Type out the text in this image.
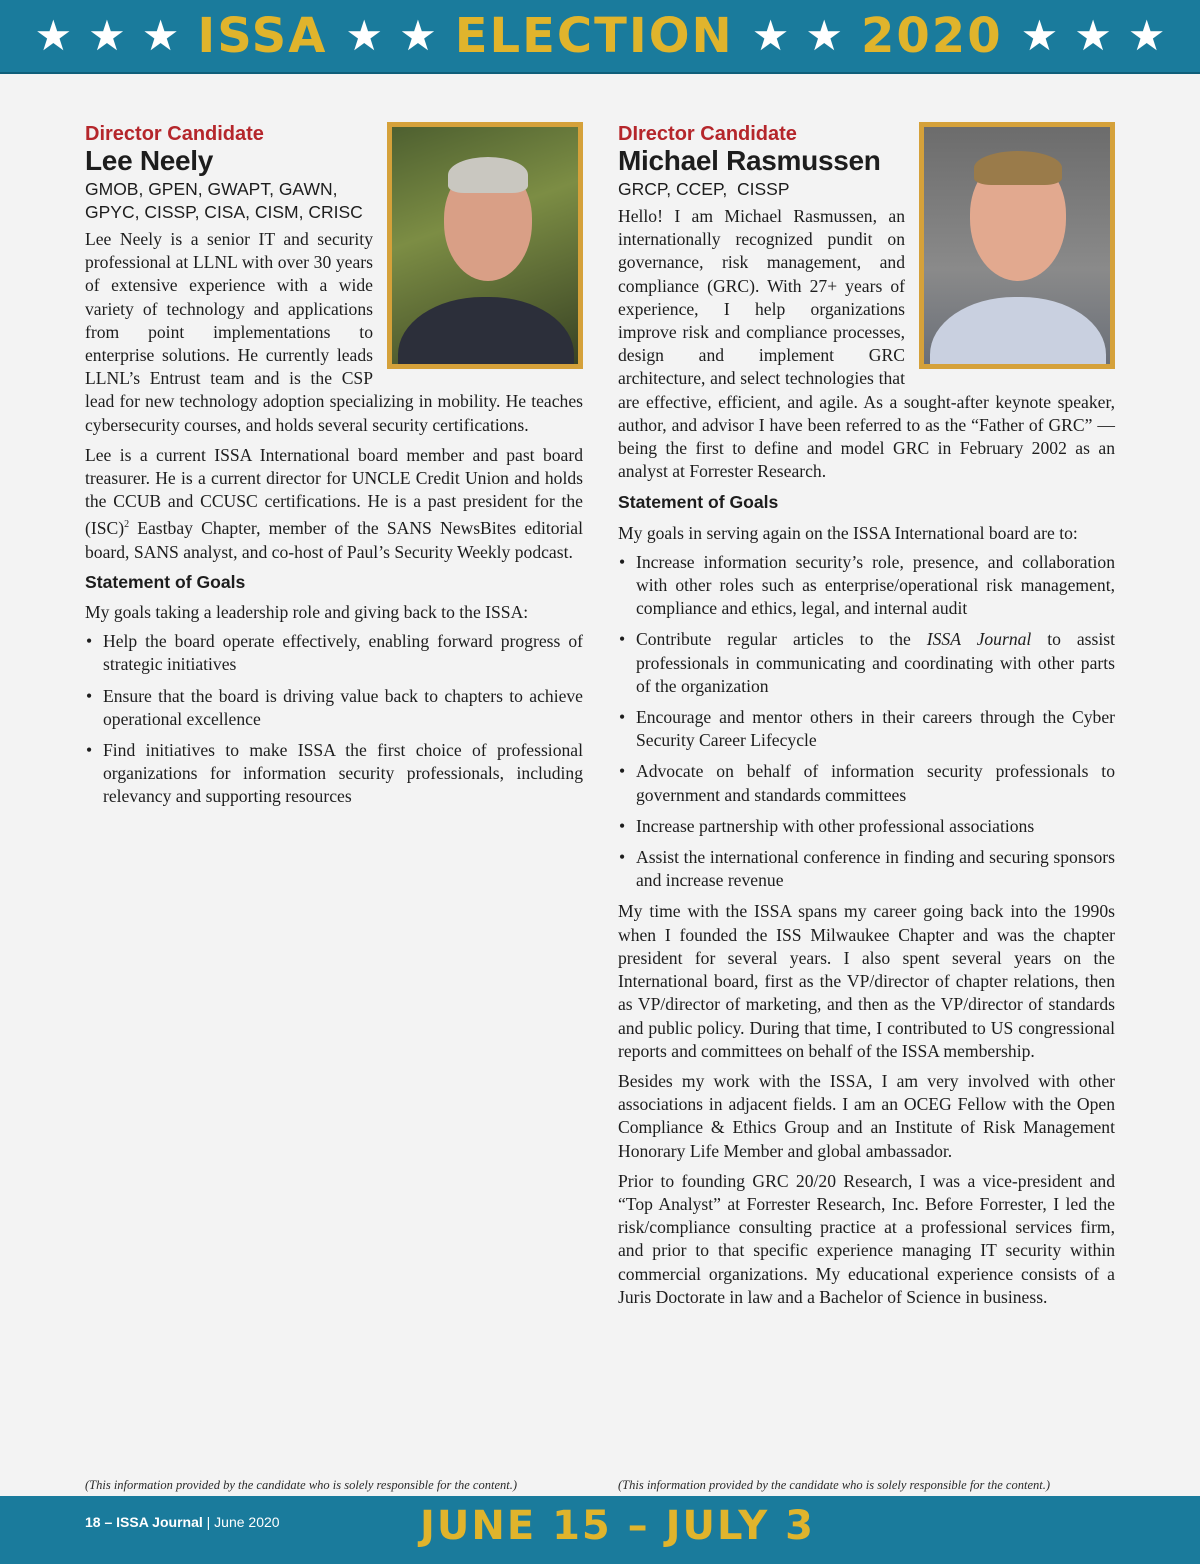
★ ★ ★ ISSA ★ ★ ELECTION ★ ★ 2020 ★ ★ ★

Director Candidate

Lee Neely

GMOB, GPEN, GWAPT, GAWN,
GPYC, CISSP, CISA, CISM, CRISC

Lee Neely is a senior IT and security professional at LLNL with over 30 years of extensive experience with a wide variety of technology and applications from point implementations to enterprise solutions. He currently leads LLNL’s Entrust team and is the CSP lead for new technology adoption specializing in mobility. He teaches cybersecurity courses, and holds several security certifications.

Lee is a current ISSA International board member and past board treasurer. He is a current director for UNCLE Credit Union and holds the CCUB and CCUSC certifications. He is a past president for the (ISC)$^2$ Eastbay Chapter, member of the SANS NewsBites editorial board, SANS analyst, and co-host of Paul’s Security Weekly podcast.

Statement of Goals

My goals taking a leadership role and giving back to the ISSA:

• Help the board operate effectively, enabling forward progress of strategic initiatives
• Ensure that the board is driving value back to chapters to achieve operational excellence
• Find initiatives to make ISSA the first choice of professional organizations for information security professionals, including relevancy and supporting resources

DIrector Candidate

Michael Rasmussen

GRCP, CCEP,  CISSP

Hello! I am Michael Rasmussen, an internationally recognized pundit on governance, risk management, and compliance (GRC). With 27+ years of experience, I help organizations improve risk and compliance processes, design and implement GRC architecture, and select technologies that are effective, efficient, and agile. As a sought-after keynote speaker, author, and advisor I have been referred to as the “Father of GRC” — being the first to define and model GRC in February 2002 as an analyst at Forrester Research.

Statement of Goals

My goals in serving again on the ISSA International board are to:

• Increase information security’s role, presence, and collaboration with other roles such as enterprise/operational risk management, compliance and ethics, legal, and internal audit
• Contribute regular articles to the ISSA Journal to assist professionals in communicating and coordinating with other parts of the organization
• Encourage and mentor others in their careers through the Cyber Security Career Lifecycle
• Advocate on behalf of information security professionals to government and standards committees
• Increase partnership with other professional associations
• Assist the international conference in finding and securing sponsors and increase revenue

My time with the ISSA spans my career going back into the 1990s when I founded the ISS Milwaukee Chapter and was the chapter president for several years. I also spent several years on the International board, first as the VP/director of chapter relations, then as VP/director of marketing, and then as the VP/director of standards and public policy. During that time, I contributed to US congressional reports and committees on behalf of the ISSA membership.

Besides my work with the ISSA, I am very involved with other associations in adjacent fields. I am an OCEG Fellow with the Open Compliance & Ethics Group and an Institute of Risk Management Honorary Life Member and global ambassador.

Prior to founding GRC 20/20 Research, I was a vice-president and “Top Analyst” at Forrester Research, Inc. Before Forrester, I led the risk/compliance consulting practice at a professional services firm, and prior to that specific experience managing IT security within commercial organizations. My educational experience consists of a Juris Doctorate in law and a Bachelor of Science in business.

(This information provided by the candidate who is solely responsible for the content.)	(This information provided by the candidate who is solely responsible for the content.)
18 – ISSA Journal | June 2020	JUNE 15 – JULY 3
